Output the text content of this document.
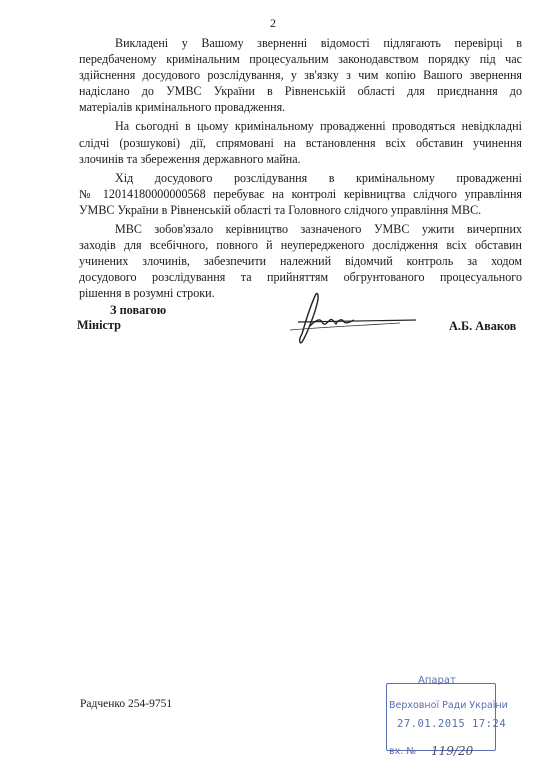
2
Викладені у Вашому зверненні відомості підлягають перевірці в
передбаченому кримінальним процесуальним законодавством порядку під час
здійснення досудового розслідування, у зв'язку з чим копію Вашого звернення
надіслано до УМВС України в Рівненській області для приєднання до
матеріалів кримінального провадження.
На сьогодні в цьому кримінальному провадженні проводяться невідкладні
слідчі (розшукові) дії, спрямовані на встановлення всіх обставин учинення
злочинів та збереження державного майна.
Хід досудового розслідування в кримінальному провадженні
№ 12014180000000568 перебуває на контролі керівництва слідчого управління
УМВС України в Рівненській області та Головного слідчого управління МВС.
МВС зобов'язало керівництво зазначеного УМВС ужити вичерпних
заходів для всебічного, повного й неупередженого дослідження всіх обставин
учинених злочинів, забезпечити належний відомчий контроль за ходом
досудового розслідування та прийняттям обгрунтованого процесуального
рішення в розумні строки.
З повагою
Міністр	А.Б. Аваков
Радченко 254-9751
Апарат
Верховної Ради України
27.01.2015 17:24
вх. № 119/20
